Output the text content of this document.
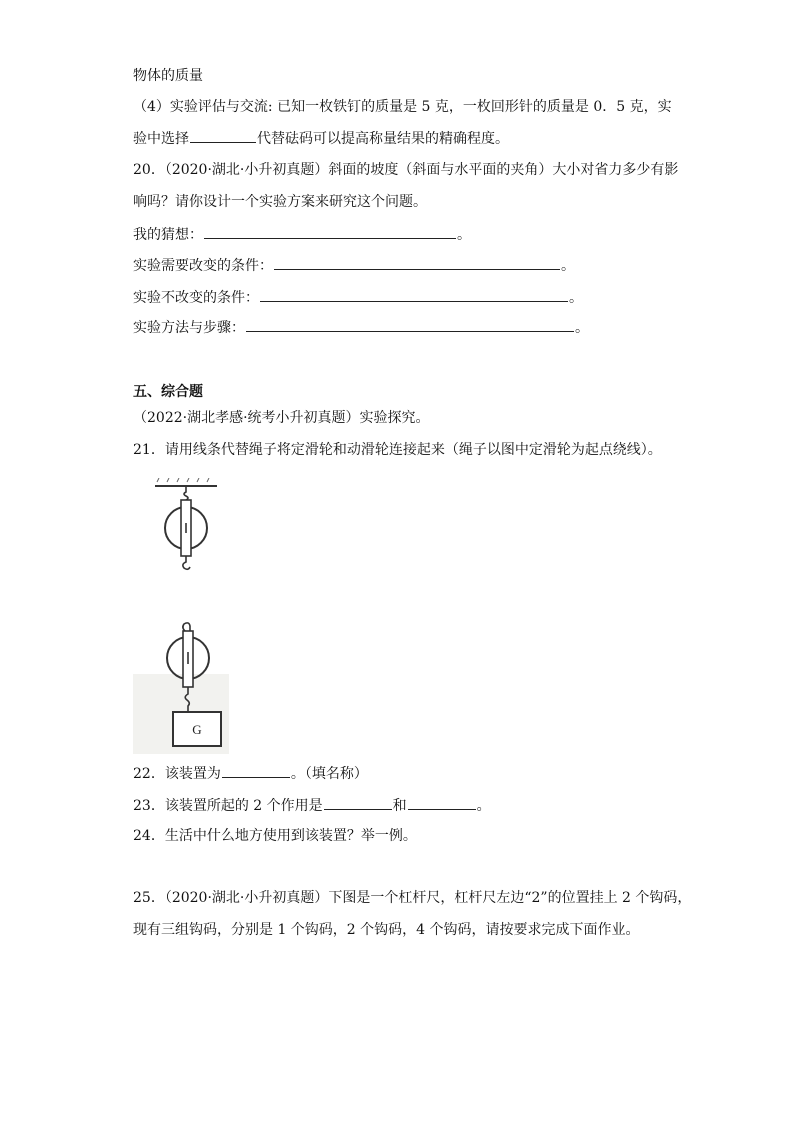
物体的质量
（4）实验评估与交流: 已知一枚铁钉的质量是 5 克，一枚回形针的质量是 0．5 克，实
验中选择	代替砝码可以提高称量结果的精确程度。
20．（2020·湖北·小升初真题）斜面的坡度（斜面与水平面的夹角）大小对省力多少有影
响吗？请你设计一个实验方案来研究这个问题。
我的猜想：	。
实验需要改变的条件：	。
实验不改变的条件：	。
实验方法与步骤：	。
五、综合题
（2022·湖北孝感·统考小升初真题）实验探究。
21．请用线条代替绳子将定滑轮和动滑轮连接起来（绳子以图中定滑轮为起点绕线）。
G
22．该装置为	。（填名称）
23．该装置所起的 2 个作用是	和	。
24．生活中什么地方使用到该装置？举一例。
25．（2020·湖北·小升初真题）下图是一个杠杆尺，杠杆尺左边“2”的位置挂上 2 个钩码，
现有三组钩码，分别是 1 个钩码，2 个钩码，4 个钩码，请按要求完成下面作业。
